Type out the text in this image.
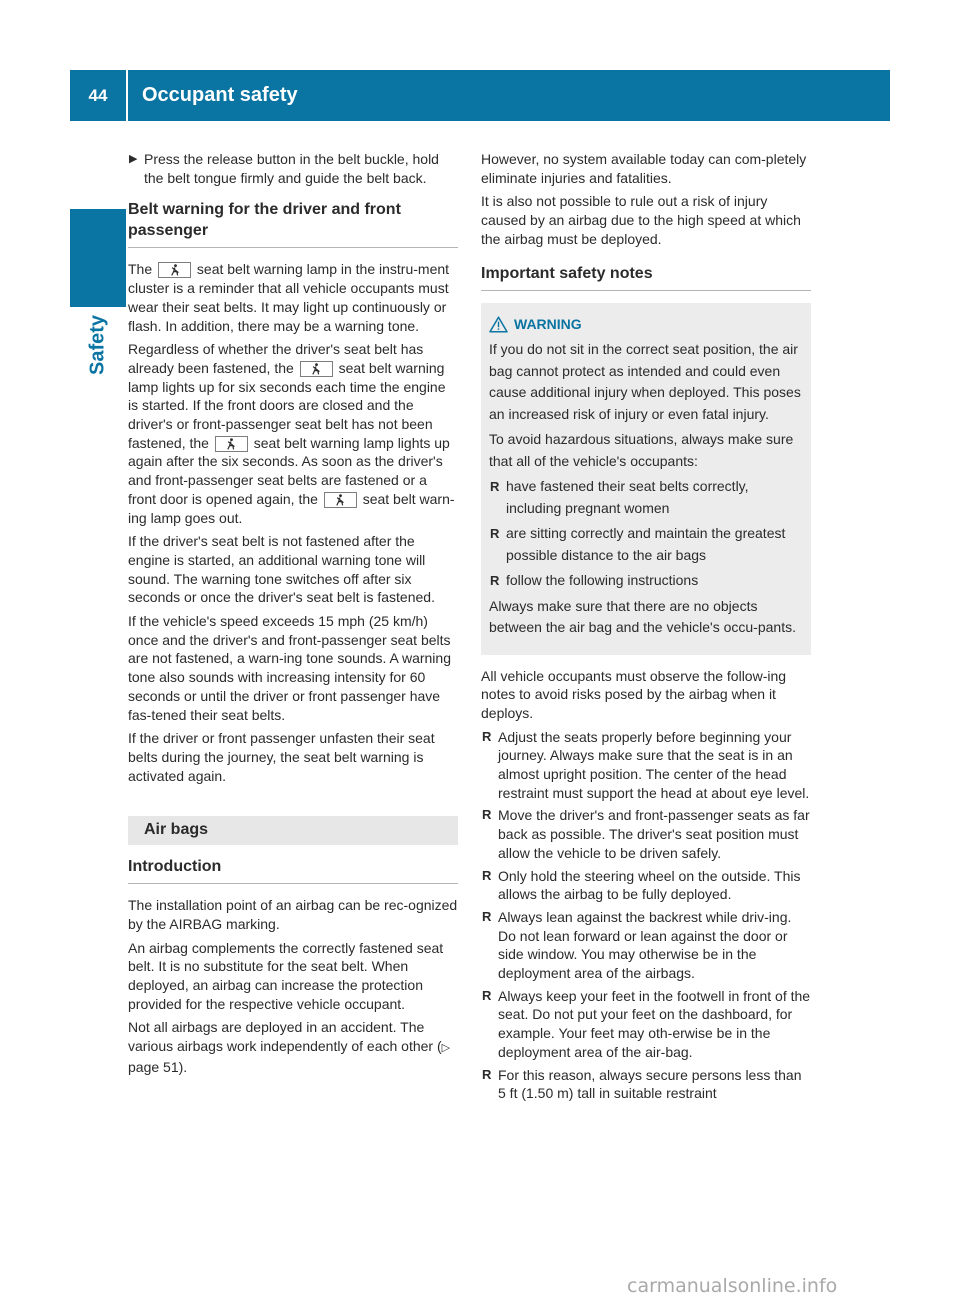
44	Occupant safety
Safety
▶ Press the release button in the belt buckle, hold the belt tongue firmly and guide the belt back.
Belt warning for the driver and front passenger

The	seat belt warning lamp in the instru-ment cluster is a reminder that all vehicle occupants must wear their seat belts. It may light up continuously or flash. In addition, there may be a warning tone.

Regardless of whether the driver's seat belt has already been fastened, the	seat belt warning lamp lights up for six seconds each time the engine is started. If the front doors are closed and the driver's or front-passenger seat belt has not been fastened, the	seat belt warning lamp lights up again after the six seconds. As soon as the driver's and front-passenger seat belts are fastened or a front door is opened again, the	seat belt warn-ing lamp goes out.

If the driver's seat belt is not fastened after the engine is started, an additional warning tone will sound. The warning tone switches off after six seconds or once the driver's seat belt is fastened.

If the vehicle's speed exceeds 15 mph (25 km/h) once and the driver's and front-passenger seat belts are not fastened, a warn-ing tone sounds. A warning tone also sounds with increasing intensity for 60 seconds or until the driver or front passenger have fas-tened their seat belts.

If the driver or front passenger unfasten their seat belts during the journey, the seat belt warning is activated again.

Air bags
Introduction

The installation point of an airbag can be rec-ognized by the AIRBAG marking.

An airbag complements the correctly fastened seat belt. It is no substitute for the seat belt. When deployed, an airbag can increase the protection provided for the respective vehicle occupant.

Not all airbags are deployed in an accident. The various airbags work independently of each other (▷ page 51).

However, no system available today can com-pletely eliminate injuries and fatalities.

It is also not possible to rule out a risk of injury caused by an airbag due to the high speed at which the airbag must be deployed.

Important safety notes
WARNING

If you do not sit in the correct seat position, the air bag cannot protect as intended and could even cause additional injury when deployed. This poses an increased risk of injury or even fatal injury.

To avoid hazardous situations, always make sure that all of the vehicle's occupants:

R have fastened their seat belts correctly, including pregnant women
R are sitting correctly and maintain the greatest possible distance to the air bags
R follow the following instructions

Always make sure that there are no objects between the air bag and the vehicle's occu-pants.

All vehicle occupants must observe the follow-ing notes to avoid risks posed by the airbag when it deploys.

R Adjust the seats properly before beginning your journey. Always make sure that the seat is in an almost upright position. The center of the head restraint must support the head at about eye level.
R Move the driver's and front-passenger seats as far back as possible. The driver's seat position must allow the vehicle to be driven safely.
R Only hold the steering wheel on the outside. This allows the airbag to be fully deployed.
R Always lean against the backrest while driv-ing. Do not lean forward or lean against the door or side window. You may otherwise be in the deployment area of the airbags.
R Always keep your feet in the footwell in front of the seat. Do not put your feet on the dashboard, for example. Your feet may oth-erwise be in the deployment area of the air-bag.
R For this reason, always secure persons less than 5 ft (1.50 m) tall in suitable restraint
carmanualsonline.info
